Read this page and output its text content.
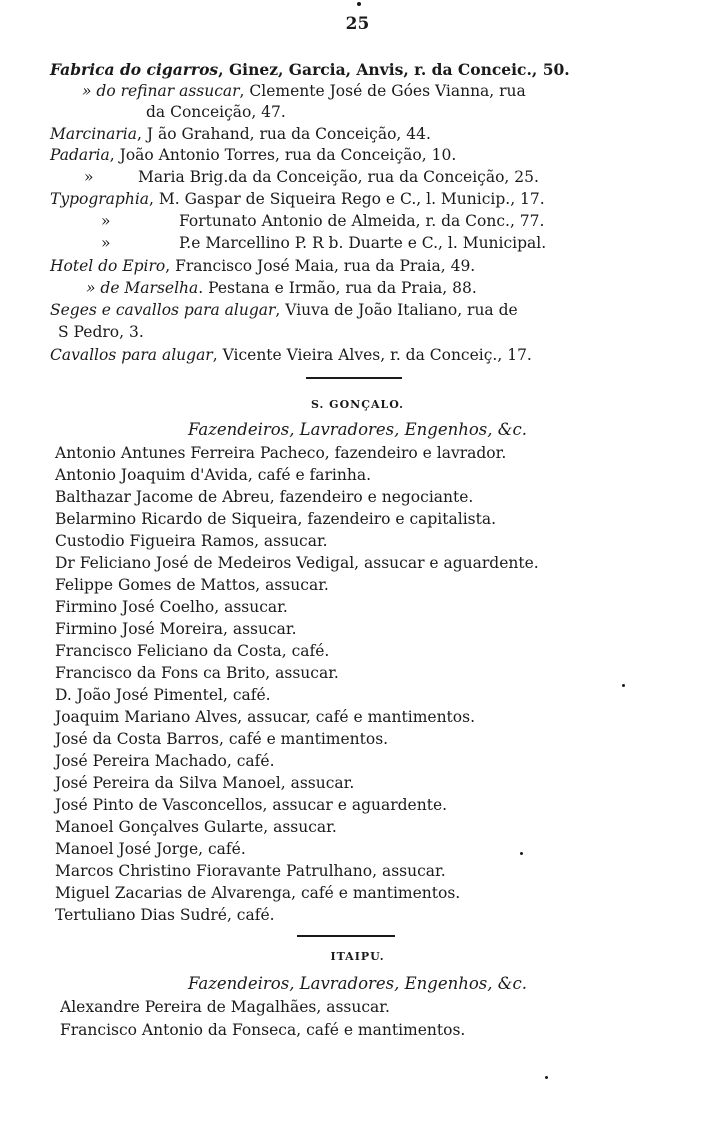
25
Fabrica do cigarros, Ginez, Garcia, Anvis, r. da Conceic., 50.
» do refinar assucar, Clemente José de Góes Vianna, rua
da Conceição, 47.
Marcinaria, J ão Grahand, rua da Conceição, 44.
Padaria, João Antonio Torres, rua da Conceição, 10.
»	Maria Brig.da da Conceição, rua da Conceição, 25.
Typographia, M. Gaspar de Siqueira Rego e C., l. Municip., 17.
»	Fortunato Antonio de Almeida, r. da Conc., 77.
»	P.e Marcellino P. R b. Duarte e C., l. Municipal.
Hotel do Epiro, Francisco José Maia, rua da Praia, 49.
» de Marselha. Pestana e Irmão, rua da Praia, 88.
Seges e cavallos para alugar, Viuva de João Italiano, rua de
S Pedro, 3.
Cavallos para alugar, Vicente Vieira Alves, r. da Conceiç., 17.
S. GONÇALO.
Fazendeiros, Lavradores, Engenhos, &c.
Antonio Antunes Ferreira Pacheco, fazendeiro e lavrador.
Antonio Joaquim d'Avida, café e farinha.
Balthazar Jacome de Abreu, fazendeiro e negociante.
Belarmino Ricardo de Siqueira, fazendeiro e capitalista.
Custodio Figueira Ramos, assucar.
Dr Feliciano José de Medeiros Vedigal, assucar e aguardente.
Felippe Gomes de Mattos, assucar.
Firmino José Coelho, assucar.
Firmino José Moreira, assucar.
Francisco Feliciano da Costa, café.
Francisco da Fons ca Brito, assucar.
D. João José Pimentel, café.
Joaquim Mariano Alves, assucar, café e mantimentos.
José da Costa Barros, café e mantimentos.
José Pereira Machado, café.
José Pereira da Silva Manoel, assucar.
José Pinto de Vasconcellos, assucar e aguardente.
Manoel Gonçalves Gularte, assucar.
Manoel José Jorge, café.
Marcos Christino Fioravante Patrulhano, assucar.
Miguel Zacarias de Alvarenga, café e mantimentos.
Tertuliano Dias Sudré, café.
ITAIPU.
Fazendeiros, Lavradores, Engenhos, &c.
Alexandre Pereira de Magalhães, assucar.
Francisco Antonio da Fonseca, café e mantimentos.
